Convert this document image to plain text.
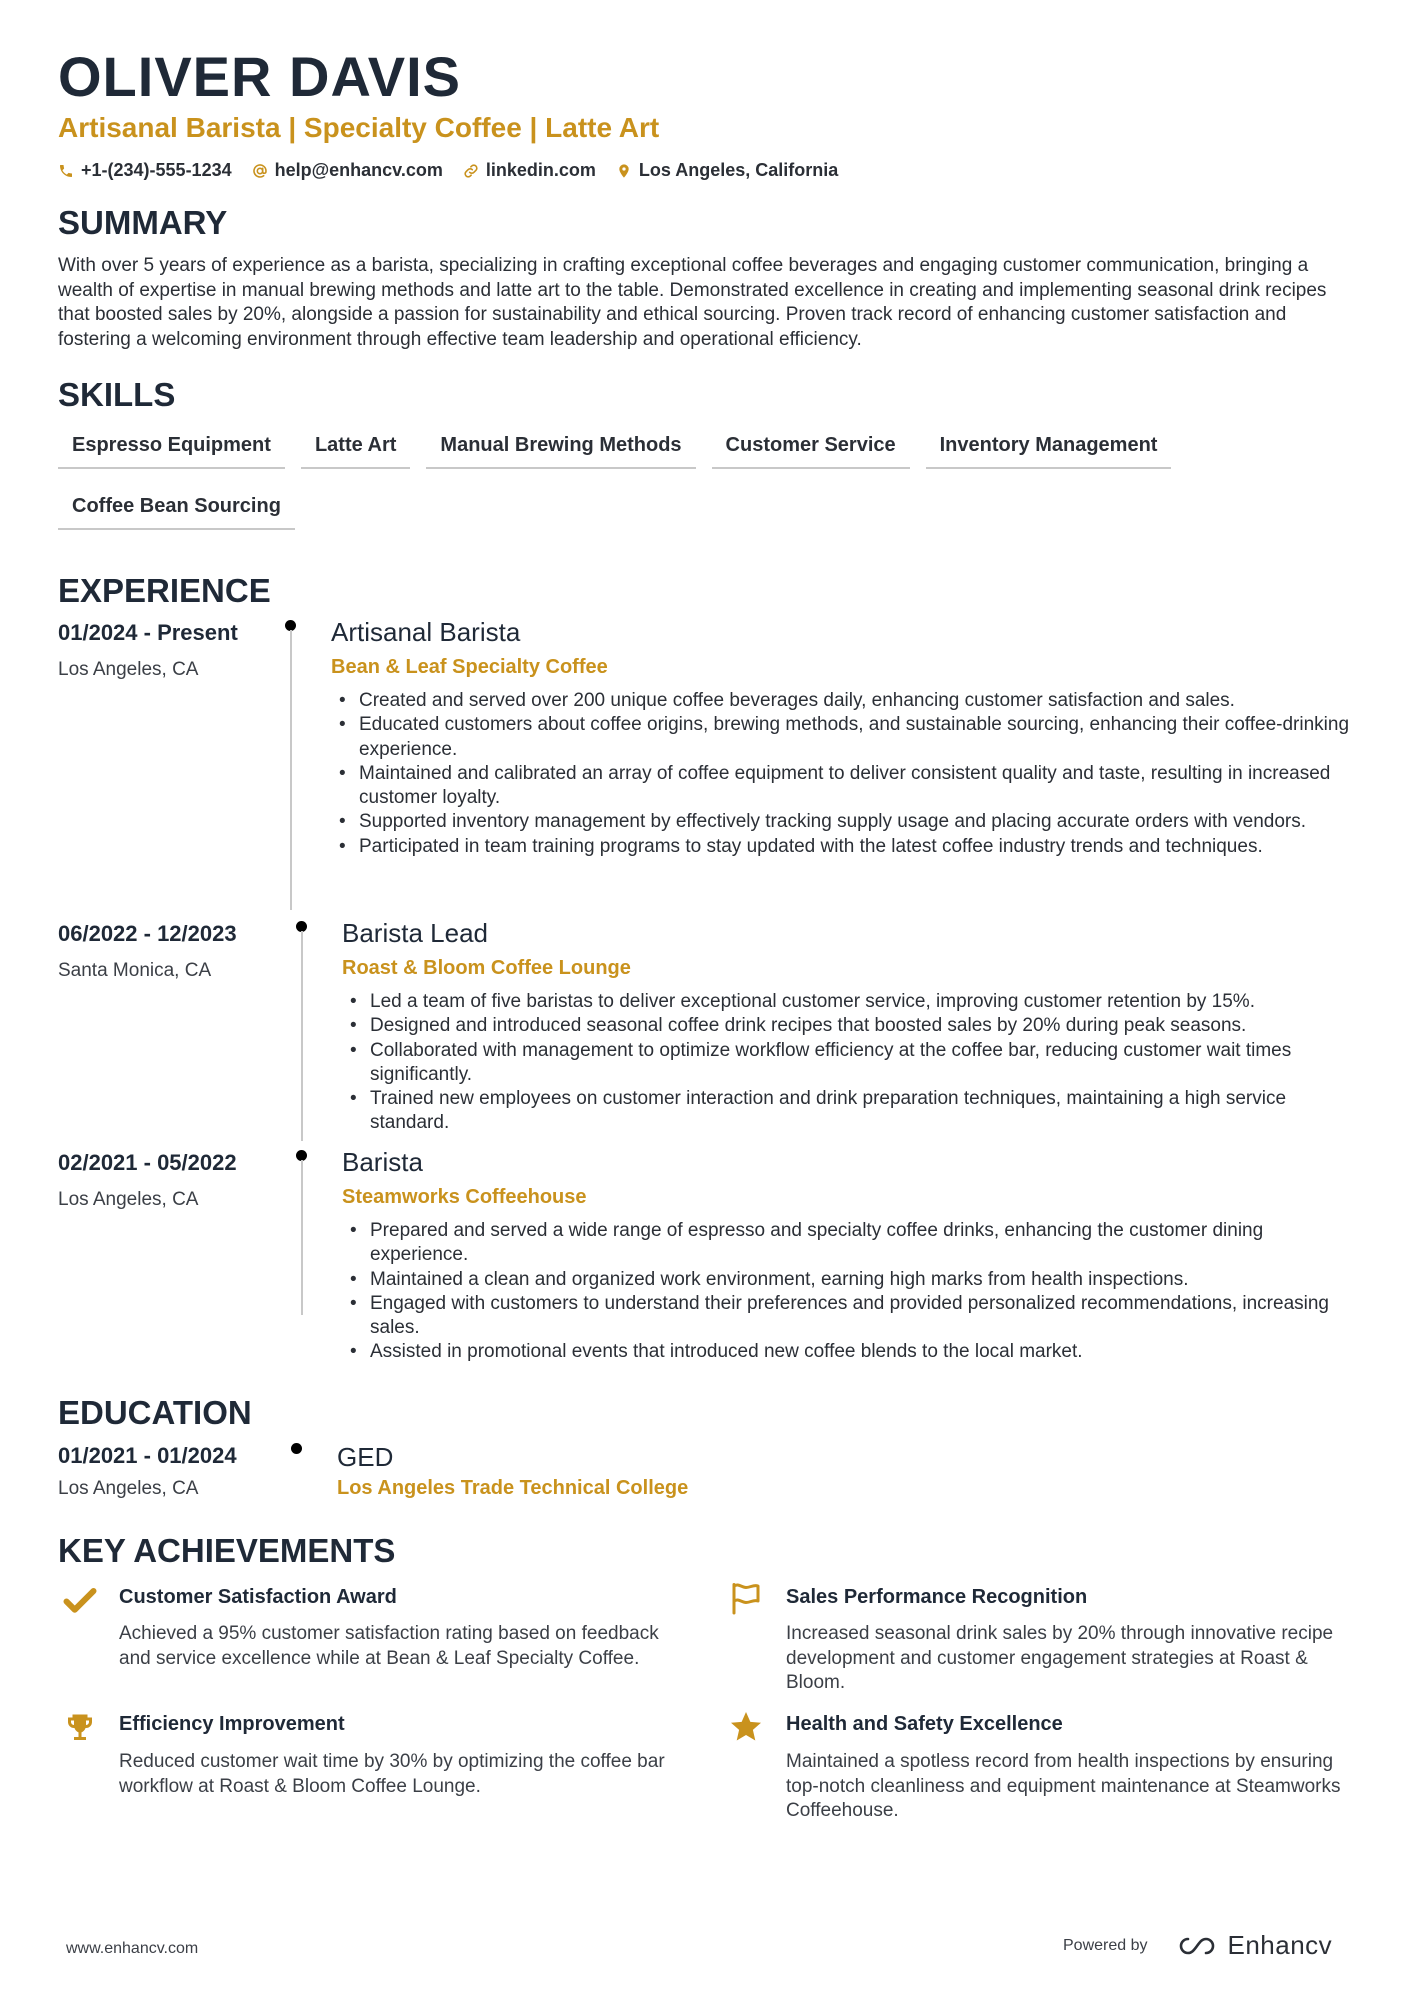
OLIVER DAVIS
Artisanal Barista | Specialty Coffee | Latte Art
+1-(234)-555-1234 help@enhancv.com linkedin.com Los Angeles, California
SUMMARY
With over 5 years of experience as a barista, specializing in crafting exceptional coffee beverages and engaging customer communication, bringing a wealth of expertise in manual brewing methods and latte art to the table. Demonstrated excellence in creating and implementing seasonal drink recipes that boosted sales by 20%, alongside a passion for sustainability and ethical sourcing. Proven track record of enhancing customer satisfaction and fostering a welcoming environment through effective team leadership and operational efficiency.
SKILLS
Espresso Equipment	Latte Art	Manual Brewing Methods	Customer Service	Inventory Management
Coffee Bean Sourcing
EXPERIENCE
01/2024 - Present
Los Angeles, CA
Artisanal Barista
Bean & Leaf Specialty Coffee
• Created and served over 200 unique coffee beverages daily, enhancing customer satisfaction and sales.
• Educated customers about coffee origins, brewing methods, and sustainable sourcing, enhancing their coffee-drinking experience.
• Maintained and calibrated an array of coffee equipment to deliver consistent quality and taste, resulting in increased customer loyalty.
• Supported inventory management by effectively tracking supply usage and placing accurate orders with vendors.
• Participated in team training programs to stay updated with the latest coffee industry trends and techniques.
06/2022 - 12/2023
Santa Monica, CA
Barista Lead
Roast & Bloom Coffee Lounge
• Led a team of five baristas to deliver exceptional customer service, improving customer retention by 15%.
• Designed and introduced seasonal coffee drink recipes that boosted sales by 20% during peak seasons.
• Collaborated with management to optimize workflow efficiency at the coffee bar, reducing customer wait times significantly.
• Trained new employees on customer interaction and drink preparation techniques, maintaining a high service standard.
02/2021 - 05/2022
Los Angeles, CA
Barista
Steamworks Coffeehouse
• Prepared and served a wide range of espresso and specialty coffee drinks, enhancing the customer dining experience.
• Maintained a clean and organized work environment, earning high marks from health inspections.
• Engaged with customers to understand their preferences and provided personalized recommendations, increasing sales.
• Assisted in promotional events that introduced new coffee blends to the local market.
EDUCATION
01/2021 - 01/2024
Los Angeles, CA
GED
Los Angeles Trade Technical College
KEY ACHIEVEMENTS
Customer Satisfaction Award
Achieved a 95% customer satisfaction rating based on feedback and service excellence while at Bean & Leaf Specialty Coffee.
Sales Performance Recognition
Increased seasonal drink sales by 20% through innovative recipe development and customer engagement strategies at Roast & Bloom.
Efficiency Improvement
Reduced customer wait time by 30% by optimizing the coffee bar workflow at Roast & Bloom Coffee Lounge.
Health and Safety Excellence
Maintained a spotless record from health inspections by ensuring top-notch cleanliness and equipment maintenance at Steamworks Coffeehouse.
www.enhancv.com	Powered by	Enhancv
